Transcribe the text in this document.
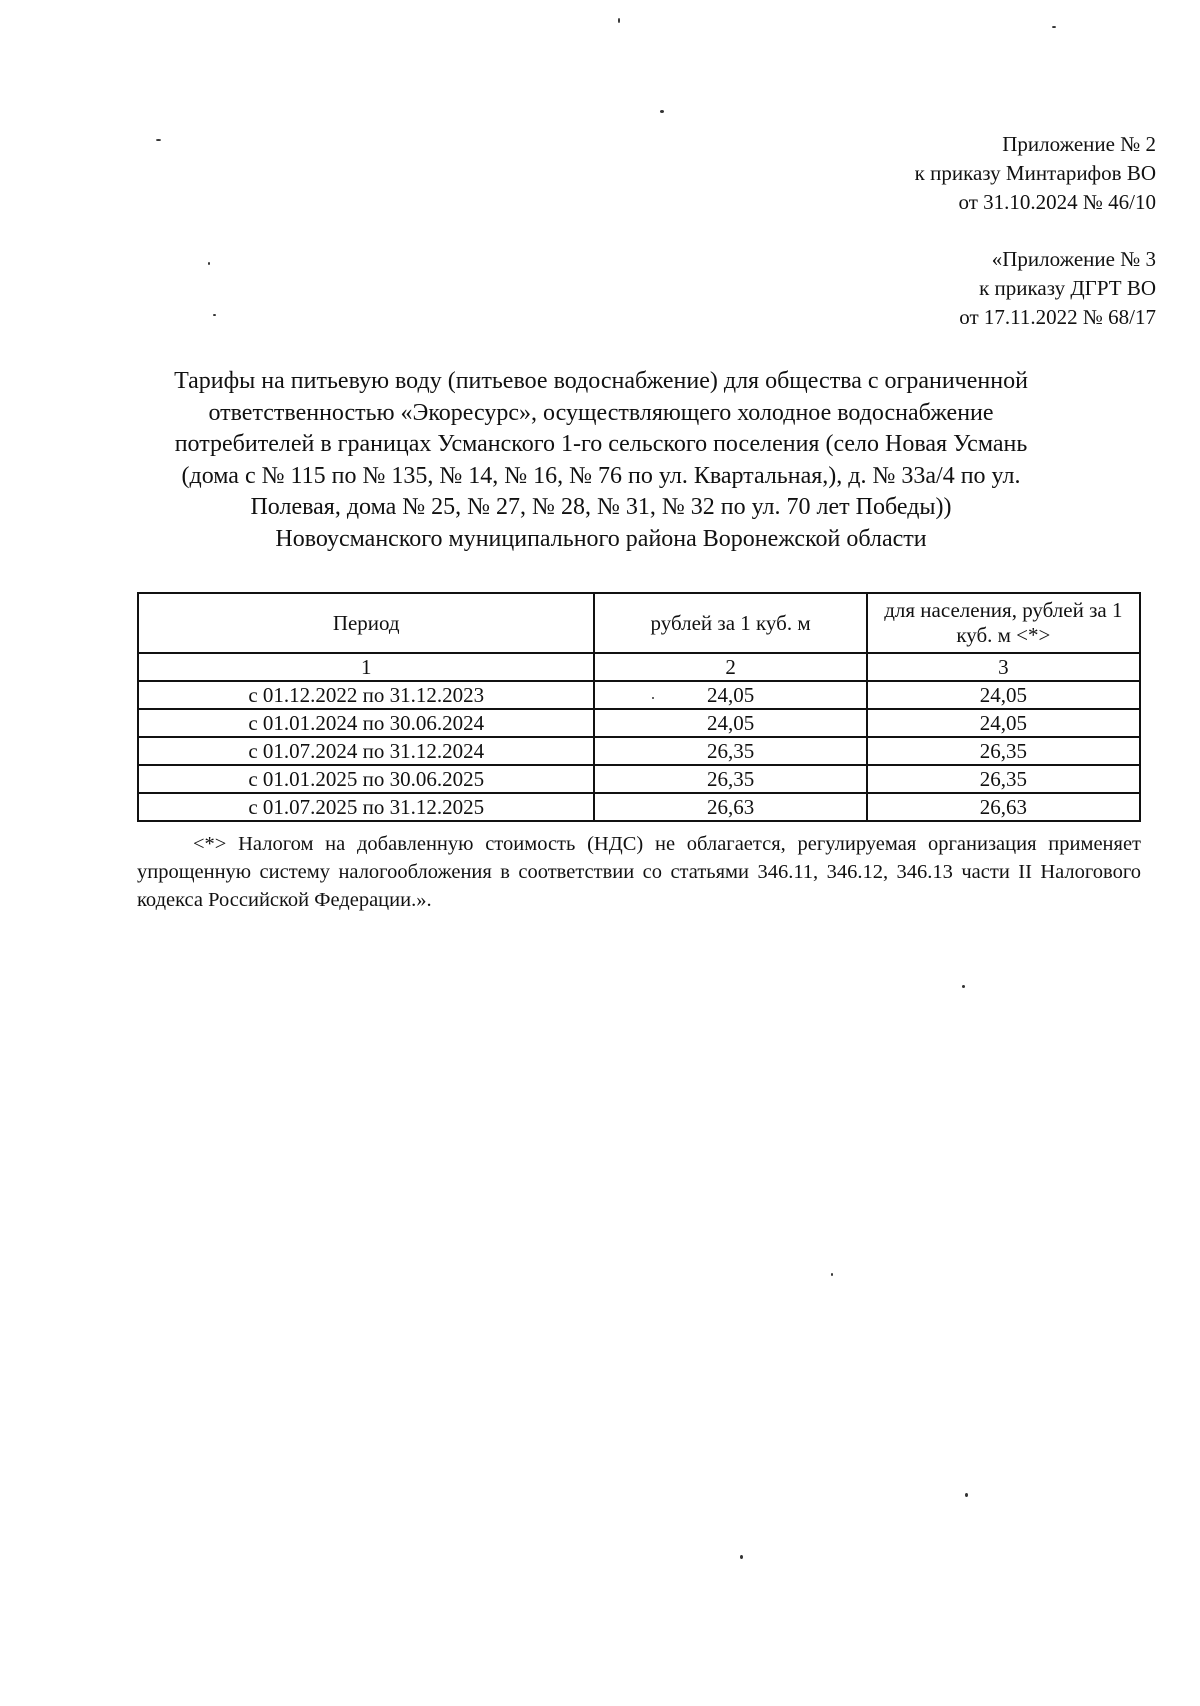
Приложение № 2
к приказу Минтарифов ВО
от 31.10.2024 № 46/10
«Приложение № 3
к приказу ДГРТ ВО
от 17.11.2022 № 68/17
Тарифы на питьевую воду (питьевое водоснабжение) для общества с ограниченной
ответственностью «Экоресурс», осуществляющего холодное водоснабжение
потребителей в границах Усманского 1-го сельского поселения (село Новая Усмань
(дома с № 115 по № 135, № 14, № 16, № 76 по ул. Квартальная,), д. № 33а/4 по ул.
Полевая, дома № 25, № 27, № 28, № 31, № 32 по ул. 70 лет Победы))
Новоусманского муниципального района Воронежской области
Период	рублей за 1 куб. м	для населения, рублей за 1 куб. м <*>
1	2	3
с 01.12.2022 по 31.12.2023	24,05	24,05
с 01.01.2024 по 30.06.2024	24,05	24,05
с 01.07.2024 по 31.12.2024	26,35	26,35
с 01.01.2025 по 30.06.2025	26,35	26,35
с 01.07.2025 по 31.12.2025	26,63	26,63
<*> Налогом на добавленную стоимость (НДС) не облагается, регулируемая организация применяет упрощенную систему налогообложения в соответствии со статьями 346.11, 346.12, 346.13 части II Налогового кодекса Российской Федерации.».
